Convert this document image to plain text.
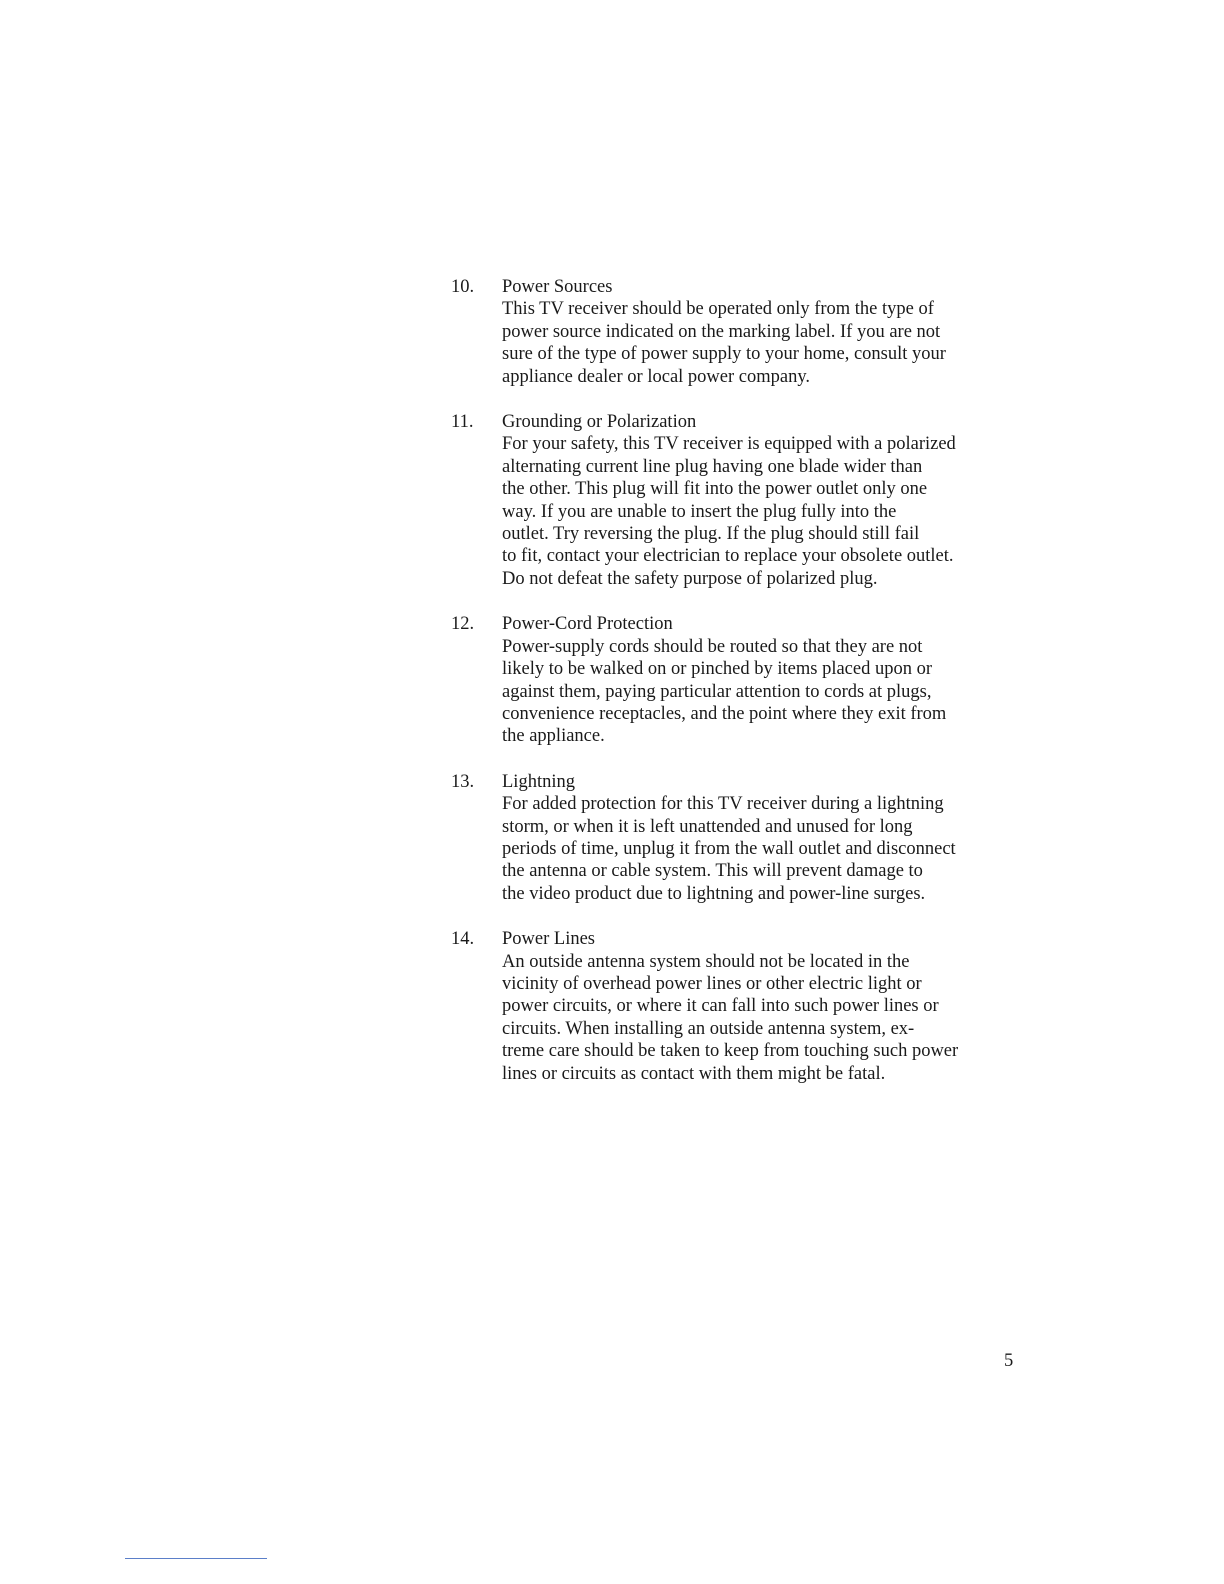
10. Power Sources
This TV receiver should be operated only from the type of
power source indicated on the marking label. If you are not
sure of the type of power supply to your home, consult your
appliance dealer or local power company.
11. Grounding or Polarization
For your safety, this TV receiver is equipped with a polarized
alternating current line plug having one blade wider than
the other. This plug will fit into the power outlet only one
way. If you are unable to insert the plug fully into the
outlet. Try reversing the plug. If the plug should still fail
to fit, contact your electrician to replace your obsolete outlet.
Do not defeat the safety purpose of polarized plug.
12. Power-Cord Protection
Power-supply cords should be routed so that they are not
likely to be walked on or pinched by items placed upon or
against them, paying particular attention to cords at plugs,
convenience receptacles, and the point where they exit from
the appliance.
13. Lightning
For added protection for this TV receiver during a lightning
storm, or when it is left unattended and unused for long
periods of time, unplug it from the wall outlet and disconnect
the antenna or cable system. This will prevent damage to
the video product due to lightning and power-line surges.
14. Power Lines
An outside antenna system should not be located in the
vicinity of overhead power lines or other electric light or
power circuits, or where it can fall into such power lines or
circuits. When installing an outside antenna system, ex-
treme care should be taken to keep from touching such power
lines or circuits as contact with them might be fatal.
5
